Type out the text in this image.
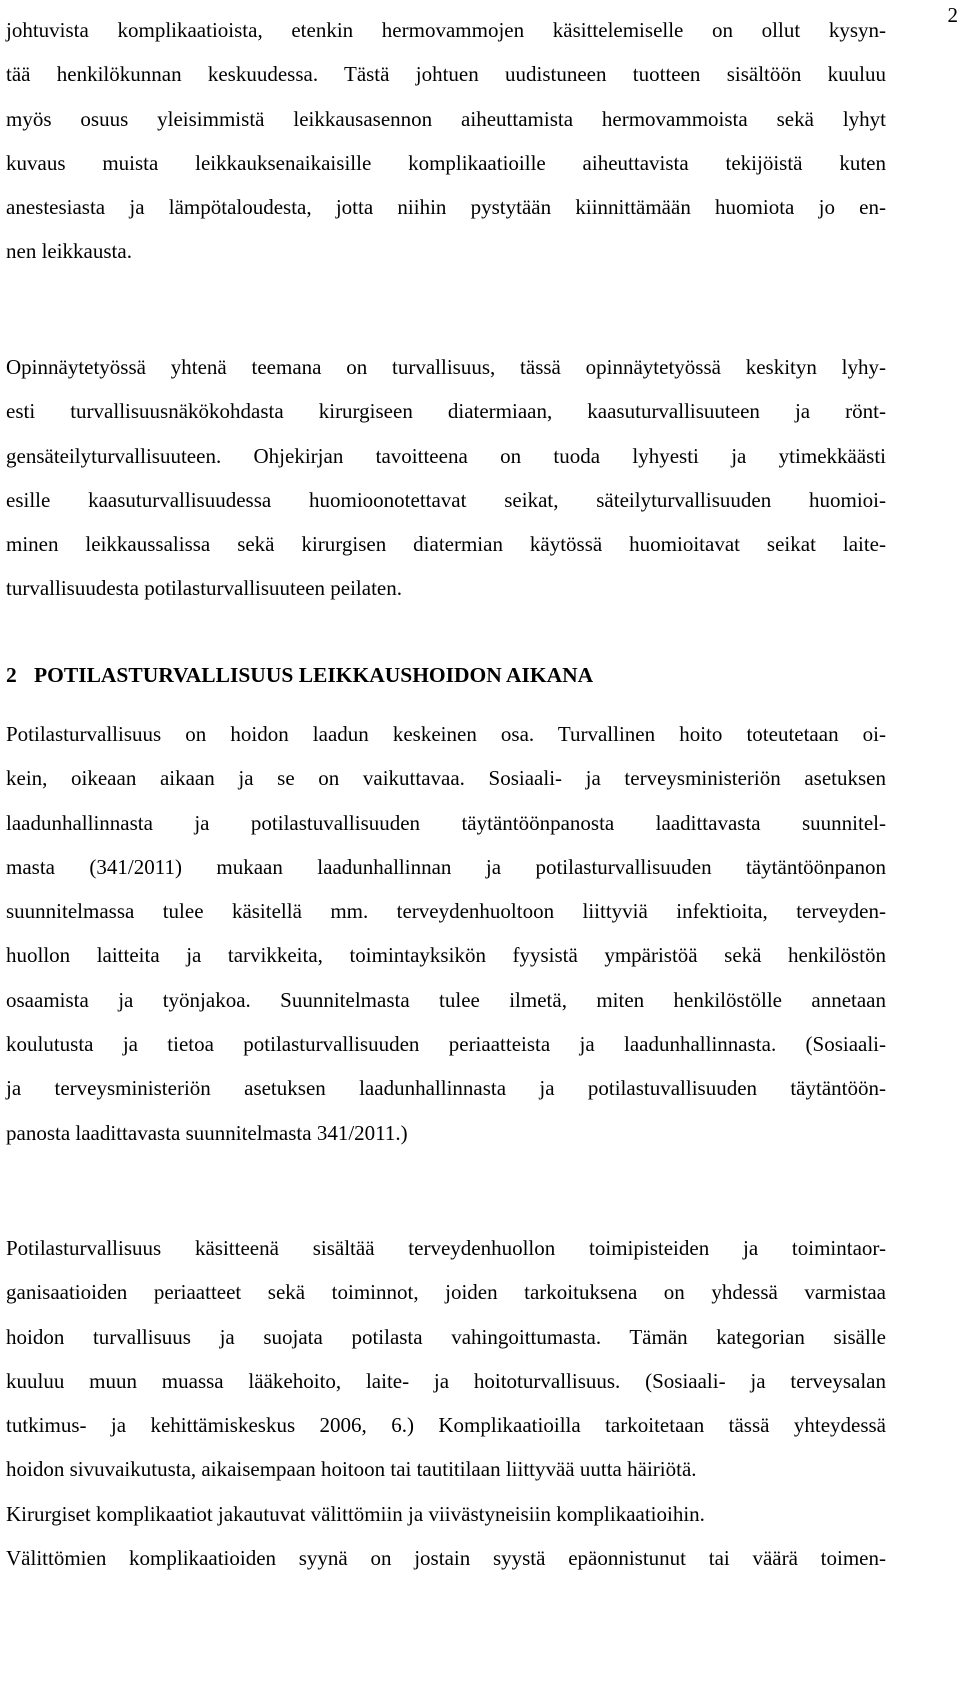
2
johtuvista komplikaatioista, etenkin hermovammojen käsittelemiselle on ollut kysyn-
tää henkilökunnan keskuudessa. Tästä johtuen uudistuneen tuotteen sisältöön kuuluu
myös osuus yleisimmistä leikkausasennon aiheuttamista hermovammoista sekä lyhyt
kuvaus muista leikkauksenaikaisille komplikaatioille aiheuttavista tekijöistä kuten
anestesiasta ja lämpötaloudesta, jotta niihin pystytään kiinnittämään huomiota jo en-
nen leikkausta.
Opinnäytetyössä yhtenä teemana on turvallisuus, tässä opinnäytetyössä keskityn lyhy-
esti turvallisuusnäkökohdasta kirurgiseen diatermiaan, kaasuturvallisuuteen ja rönt-
gensäteilyturvallisuuteen. Ohjekirjan tavoitteena on tuoda lyhyesti ja ytimekkäästi
esille kaasuturvallisuudessa huomioonotettavat seikat, säteilyturvallisuuden huomioi-
minen leikkaussalissa sekä kirurgisen diatermian käytössä huomioitavat seikat laite-
turvallisuudesta potilasturvallisuuteen peilaten.
2 POTILASTURVALLISUUS LEIKKAUSHOIDON AIKANA
Potilasturvallisuus on hoidon laadun keskeinen osa. Turvallinen hoito toteutetaan oi-
kein, oikeaan aikaan ja se on vaikuttavaa. Sosiaali- ja terveysministeriön asetuksen
laadunhallinnasta ja potilastuvallisuuden täytäntöönpanosta laadittavasta suunnitel-
masta (341/2011) mukaan laadunhallinnan ja potilasturvallisuuden täytäntöönpanon
suunnitelmassa tulee käsitellä mm. terveydenhuoltoon liittyviä infektioita, terveyden-
huollon laitteita ja tarvikkeita, toimintayksikön fyysistä ympäristöä sekä henkilöstön
osaamista ja työnjakoa. Suunnitelmasta tulee ilmetä, miten henkilöstölle annetaan
koulutusta ja tietoa potilasturvallisuuden periaatteista ja laadunhallinnasta. (Sosiaali-
ja terveysministeriön asetuksen laadunhallinnasta ja potilastuvallisuuden täytäntöön-
panosta laadittavasta suunnitelmasta 341/2011.)
Potilasturvallisuus käsitteenä sisältää terveydenhuollon toimipisteiden ja toimintaor-
ganisaatioiden periaatteet sekä toiminnot, joiden tarkoituksena on yhdessä varmistaa
hoidon turvallisuus ja suojata potilasta vahingoittumasta. Tämän kategorian sisälle
kuuluu muun muassa lääkehoito, laite- ja hoitoturvallisuus. (Sosiaali- ja terveysalan
tutkimus- ja kehittämiskeskus 2006, 6.) Komplikaatioilla tarkoitetaan tässä yhteydessä
hoidon sivuvaikutusta, aikaisempaan hoitoon tai tautitilaan liittyvää uutta häiriötä.
Kirurgiset komplikaatiot jakautuvat välittömiin ja viivästyneisiin komplikaatioihin.
Välittömien komplikaatioiden syynä on jostain syystä epäonnistunut tai väärä toimen-
